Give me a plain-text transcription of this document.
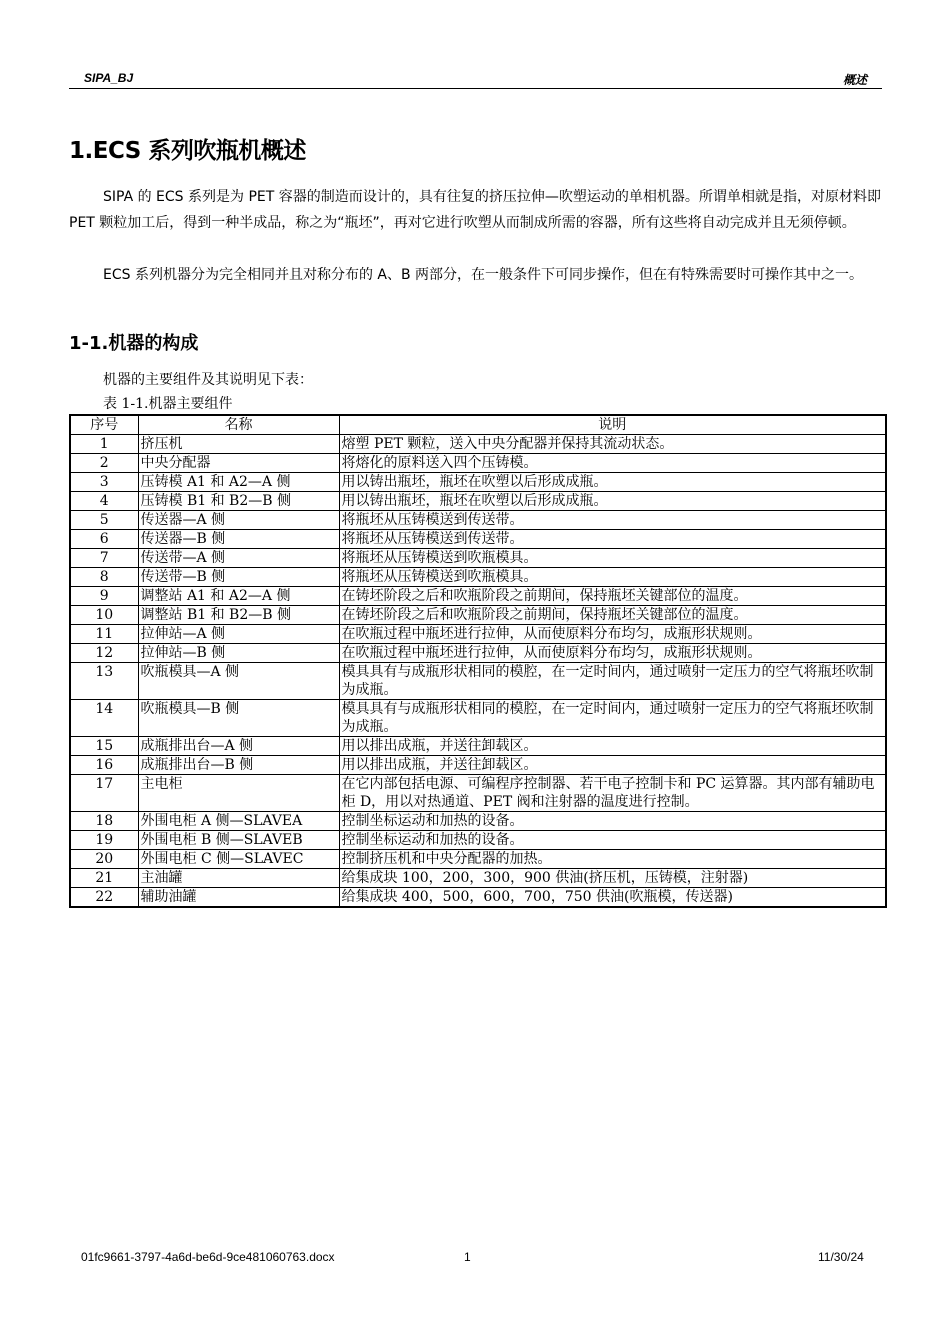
SIPA_BJ	概述
1.ECS 系列吹瓶机概述

SIPA 的 ECS 系列是为 PET 容器的制造而设计的，具有往复的挤压拉伸—吹塑运动的单相机器。所谓单相就是指，对原材料即 PET 颗粒加工后，得到一种半成品，称之为“瓶坯”，再对它进行吹塑从而制成所需的容器，所有这些将自动完成并且无须停顿。

ECS 系列机器分为完全相同并且对称分布的 A、B 两部分，在一般条件下可同步操作，但在有特殊需要时可操作其中之一。

1-1.机器的构成
机器的主要组件及其说明见下表：
表 1-1.机器主要组件
序号	名称	说明
1	挤压机	熔塑 PET 颗粒，送入中央分配器并保持其流动状态。
2	中央分配器	将熔化的原料送入四个压铸模。
3	压铸模 A1 和 A2—A 侧	用以铸出瓶坯，瓶坯在吹塑以后形成成瓶。
4	压铸模 B1 和 B2—B 侧	用以铸出瓶坯，瓶坯在吹塑以后形成成瓶。
5	传送器—A 侧	将瓶坯从压铸模送到传送带。
6	传送器—B 侧	将瓶坯从压铸模送到传送带。
7	传送带—A 侧	将瓶坯从压铸模送到吹瓶模具。
8	传送带—B 侧	将瓶坯从压铸模送到吹瓶模具。
9	调整站 A1 和 A2—A 侧	在铸坯阶段之后和吹瓶阶段之前期间，保持瓶坯关键部位的温度。
10	调整站 B1 和 B2—B 侧	在铸坯阶段之后和吹瓶阶段之前期间，保持瓶坯关键部位的温度。
11	拉伸站—A 侧	在吹瓶过程中瓶坯进行拉伸，从而使原料分布均匀，成瓶形状规则。
12	拉伸站—B 侧	在吹瓶过程中瓶坯进行拉伸，从而使原料分布均匀，成瓶形状规则。
13	吹瓶模具—A 侧	模具具有与成瓶形状相同的模腔，在一定时间内，通过喷射一定压力的空气将瓶坯吹制为成瓶。
14	吹瓶模具—B 侧	模具具有与成瓶形状相同的模腔，在一定时间内，通过喷射一定压力的空气将瓶坯吹制为成瓶。
15	成瓶排出台—A 侧	用以排出成瓶，并送往卸载区。
16	成瓶排出台—B 侧	用以排出成瓶，并送往卸载区。
17	主电柜	在它内部包括电源、可编程序控制器、若干电子控制卡和 PC 运算器。其内部有辅助电柜 D，用以对热通道、PET 阀和注射器的温度进行控制。
18	外围电柜 A 侧—SLAVEA	控制坐标运动和加热的设备。
19	外围电柜 B 侧—SLAVEB	控制坐标运动和加热的设备。
20	外围电柜 C 侧—SLAVEC	控制挤压机和中央分配器的加热。
21	主油罐	给集成块 100，200，300，900 供油(挤压机，压铸模，注射器)
22	辅助油罐	给集成块 400，500，600，700，750 供油(吹瓶模，传送器)
01fc9661-3797-4a6d-be6d-9ce481060763.docx	1	11/30/24
